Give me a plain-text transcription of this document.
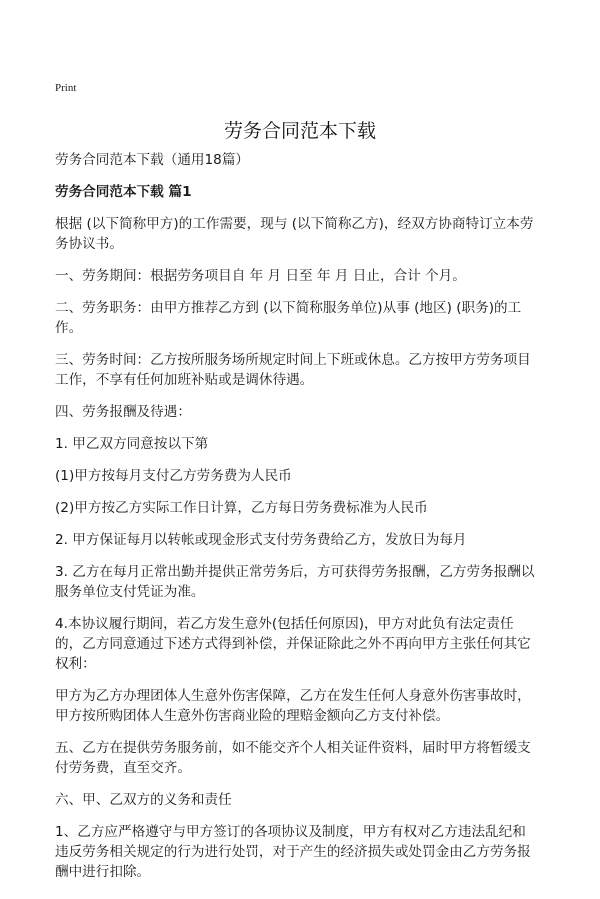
Print
劳务合同范本下载

劳务合同范本下载（通用18篇）

劳务合同范本下载 篇1

根据 (以下简称甲方)的工作需要，现与 (以下简称乙方)，经双方协商特订立本劳务协议书。

一、劳务期间：根据劳务项目自 年 月 日至 年 月 日止，合计 个月。

二、劳务职务：由甲方推荐乙方到 (以下简称服务单位)从事 (地区) (职务)的工作。

三、劳务时间：乙方按所服务场所规定时间上下班或休息。乙方按甲方劳务项目工作，不享有任何加班补贴或是调休待遇。

四、劳务报酬及待遇：

1. 甲乙双方同意按以下第

(1)甲方按每月支付乙方劳务费为人民币

(2)甲方按乙方实际工作日计算，乙方每日劳务费标准为人民币

2. 甲方保证每月以转帐或现金形式支付劳务费给乙方，发放日为每月

3. 乙方在每月正常出勤并提供正常劳务后，方可获得劳务报酬，乙方劳务报酬以服务单位支付凭证为准。

4.本协议履行期间，若乙方发生意外(包括任何原因)，甲方对此负有法定责任的，乙方同意通过下述方式得到补偿，并保证除此之外不再向甲方主张任何其它权利：

甲方为乙方办理团体人生意外伤害保障，乙方在发生任何人身意外伤害事故时，甲方按所购团体人生意外伤害商业险的理赔金额向乙方支付补偿。

五、乙方在提供劳务服务前，如不能交齐个人相关证件资料，届时甲方将暂缓支付劳务费，直至交齐。

六、甲、乙双方的义务和责任

1、乙方应严格遵守与甲方签订的各项协议及制度，甲方有权对乙方违法乱纪和违反劳务相关规定的行为进行处罚，对于产生的经济损失或处罚金由乙方劳务报酬中进行扣除。
